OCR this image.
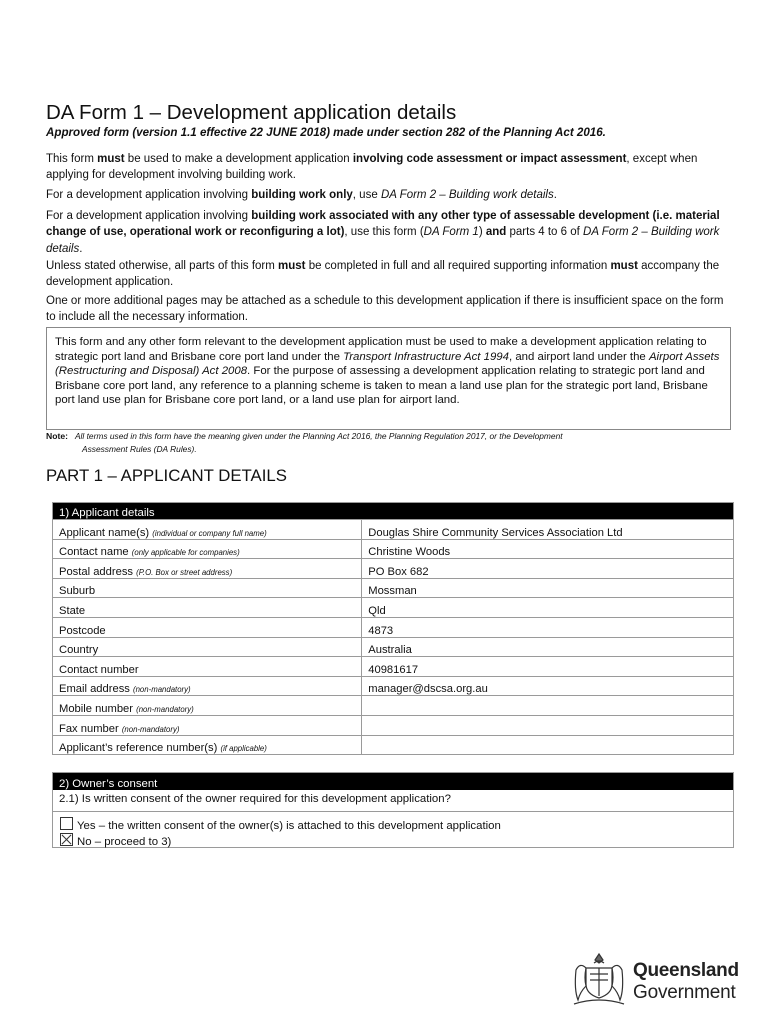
DA Form 1 – Development application details
Approved form (version 1.1 effective 22 JUNE 2018) made under section 282 of the Planning Act 2016.
This form must be used to make a development application involving code assessment or impact assessment, except when applying for development involving building work.
For a development application involving building work only, use DA Form 2 – Building work details.
For a development application involving building work associated with any other type of assessable development (i.e. material change of use, operational work or reconfiguring a lot), use this form (DA Form 1) and parts 4 to 6 of DA Form 2 – Building work details.
Unless stated otherwise, all parts of this form must be completed in full and all required supporting information must accompany the development application.
One or more additional pages may be attached as a schedule to this development application if there is insufficient space on the form to include all the necessary information.
This form and any other form relevant to the development application must be used to make a development application relating to strategic port land and Brisbane core port land under the Transport Infrastructure Act 1994, and airport land under the Airport Assets (Restructuring and Disposal) Act 2008. For the purpose of assessing a development application relating to strategic port land and Brisbane core port land, any reference to a planning scheme is taken to mean a land use plan for the strategic port land, Brisbane port land use plan for Brisbane core port land, or a land use plan for airport land.
Note: All terms used in this form have the meaning given under the Planning Act 2016, the Planning Regulation 2017, or the Development
Assessment Rules (DA Rules).
PART 1 – APPLICANT DETAILS
1) Applicant details	
Applicant name(s) (individual or company full name)	Douglas Shire Community Services Association Ltd
Contact name (only applicable for companies)	Christine Woods
Postal address (P.O. Box or street address)	PO Box 682
Suburb	Mossman
State	Qld
Postcode	4873
Country	Australia
Contact number	40981617
Email address (non-mandatory)	manager@dscsa.org.au
Mobile number (non-mandatory)	
Fax number (non-mandatory)	
Applicant’s reference number(s) (if applicable)	
2) Owner’s consent
2.1) Is written consent of the owner required for this development application?
Yes – the written consent of the owner(s) is attached to this development application
No – proceed to 3)
Queensland
Government
